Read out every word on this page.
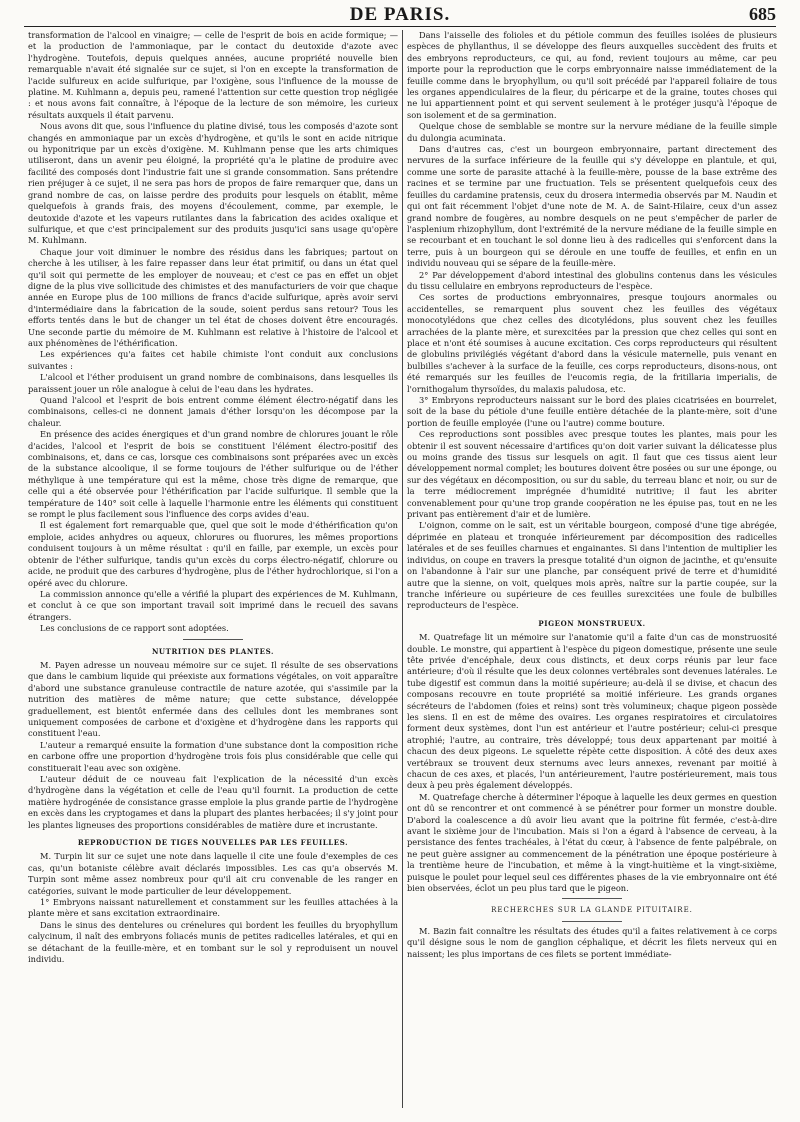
DE PARIS.	685

transformation de l'alcool en vinaigre; — celle de l'esprit de bois en acide formique; — et la production de l'ammoniaque, par le contact du deutoxide d'azote avec l'hydrogène. Toutefois, depuis quelques années, aucune propriété nouvelle bien remarquable n'avait été signalée sur ce sujet, si l'on en excepte la transformation de l'acide sulfureux en acide sulfurique, par l'oxigène, sous l'influence de la mousse de platine. M. Kuhlmann a, depuis peu, ramené l'attention sur cette question trop négligée : et nous avons fait connaître, à l'époque de la lecture de son mémoire, les curieux résultats auxquels il était parvenu.

Nous avons dit que, sous l'influence du platine divisé, tous les composés d'azote sont changés en ammoniaque par un excès d'hydrogène, et qu'ils le sont en acide nitrique ou hyponitrique par un excès d'oxigène. M. Kuhlmann pense que les arts chimiques utiliseront, dans un avenir peu éloigné, la propriété qu'a le platine de produire avec facilité des composés dont l'industrie fait une si grande consommation. Sans prétendre rien préjuger à ce sujet, il ne sera pas hors de propos de faire remarquer que, dans un grand nombre de cas, on laisse perdre des produits pour lesquels on établit, même quelquefois à grands frais, des moyens d'écoulement, comme, par exemple, le deutoxide d'azote et les vapeurs rutilantes dans la fabrication des acides oxalique et sulfurique, et que c'est principalement sur des produits jusqu'ici sans usage qu'opère M. Kuhlmann.

Chaque jour voit diminuer le nombre des résidus dans les fabriques; partout on cherche à les utiliser, à les faire repasser dans leur état primitif, ou dans un état quel qu'il soit qui permette de les employer de nouveau; et c'est ce pas en effet un objet digne de la plus vive sollicitude des chimistes et des manufacturiers de voir que chaque année en Europe plus de 100 millions de francs d'acide sulfurique, après avoir servi d'intermédiaire dans la fabrication de la soude, soient perdus sans retour? Tous les efforts tentés dans le but de changer un tel état de choses doivent être encouragés. Une seconde partie du mémoire de M. Kuhlmann est relative à l'histoire de l'alcool et aux phénomènes de l'éthérification.

Les expériences qu'a faites cet habile chimiste l'ont conduit aux conclusions suivantes :

L'alcool et l'éther produisent un grand nombre de combinaisons, dans lesquelles ils paraissent jouer un rôle analogue à celui de l'eau dans les hydrates.

Quand l'alcool et l'esprit de bois entrent comme élément électro-négatif dans les combinaisons, celles-ci ne donnent jamais d'éther lorsqu'on les décompose par la chaleur.

En présence des acides énergiques et d'un grand nombre de chlorures jouant le rôle d'acides, l'alcool et l'esprit de bois se constituent l'élément électro-positif des combinaisons, et, dans ce cas, lorsque ces combinaisons sont préparées avec un excès de la substance alcoolique, il se forme toujours de l'éther sulfurique ou de l'éther méthylique à une température qui est la même, chose très digne de remarque, que celle qui a été observée pour l'éthérification par l'acide sulfurique. Il semble que la température de 140° soit celle à laquelle l'harmonie entre les éléments qui constituent se rompt le plus facilement sous l'influence des corps avides d'eau.

Il est également fort remarquable que, quel que soit le mode d'éthérification qu'on emploie, acides anhydres ou aqueux, chlorures ou fluorures, les mêmes proportions conduisent toujours à un même résultat : qu'il en faille, par exemple, un excès pour obtenir de l'éther sulfurique, tandis qu'un excès du corps électro-négatif, chlorure ou acide, ne produit que des carbures d'hydrogène, plus de l'éther hydrochlorique, si l'on a opéré avec du chlorure.

La commission annonce qu'elle a vérifié la plupart des expériences de M. Kuhlmann, et conclut à ce que son important travail soit imprimé dans le recueil des savans étrangers.

Les conclusions de ce rapport sont adoptées.

NUTRITION DES PLANTES.

M. Payen adresse un nouveau mémoire sur ce sujet. Il résulte de ses observations que dans le cambium liquide qui préexiste aux formations végétales, on voit apparaître d'abord une substance granuleuse contractile de nature azotée, qui s'assimile par la nutrition des matières de même nature; que cette substance, développée graduellement, est bientôt enfermée dans des cellules dont les membranes sont uniquement composées de carbone et d'oxigène et d'hydrogène dans les rapports qui constituent l'eau.

L'auteur a remarqué ensuite la formation d'une substance dont la composition riche en carbone offre une proportion d'hydrogène trois fois plus considérable que celle qui constituerait l'eau avec son oxigène.

L'auteur déduit de ce nouveau fait l'explication de la nécessité d'un excès d'hydrogène dans la végétation et celle de l'eau qu'il fournit. La production de cette matière hydrogénée de consistance grasse emploie la plus grande partie de l'hydrogène en excès dans les cryptogames et dans la plupart des plantes herbacées; il s'y joint pour les plantes ligneuses des proportions considérables de matière dure et incrustante.

REPRODUCTION DE TIGES NOUVELLES PAR LES FEUILLES.

M. Turpin lit sur ce sujet une note dans laquelle il cite une foule d'exemples de ces cas, qu'un botaniste célèbre avait déclarés impossibles. Les cas qu'a observés M. Turpin sont même assez nombreux pour qu'il ait cru convenable de les ranger en catégories, suivant le mode particulier de leur développement.

1° Embryons naissant naturellement et constamment sur les feuilles attachées à la plante mère et sans excitation extraordinaire.

Dans le sinus des dentelures ou crénelures qui bordent les feuilles du bryophyllum calycinum, il naît des embryons foliacés munis de petites radicelles latérales, et qui en se détachant de la feuille-mère, et en tombant sur le sol y reproduisent un nouvel individu.

Dans l'aisselle des folioles et du pétiole commun des feuilles isolées de plusieurs espèces de phyllanthus, il se développe des fleurs auxquelles succèdent des fruits et des embryons reproducteurs, ce qui, au fond, revient toujours au même, car peu importe pour la reproduction que le corps embryonnaire naisse immédiatement de la feuille comme dans le bryophyllum, ou qu'il soit précédé par l'appareil foliaire de tous les organes appendiculaires de la fleur, du péricarpe et de la graine, toutes choses qui ne lui appartiennent point et qui servent seulement à le protéger jusqu'à l'époque de son isolement et de sa germination.

Quelque chose de semblable se montre sur la nervure médiane de la feuille simple du dulongia acuminata.

Dans d'autres cas, c'est un bourgeon embryonnaire, partant directement des nervures de la surface inférieure de la feuille qui s'y développe en plantule, et qui, comme une sorte de parasite attaché à la feuille-mère, pousse de la base extrême des racines et se termine par une fructuation. Tels se présentent quelquefois ceux des feuilles du cardamine pratensis, ceux du drosera intermedia observés par M. Naudin et qui ont fait récemment l'objet d'une note de M. A. de Saint-Hilaire, ceux d'un assez grand nombre de fougères, au nombre desquels on ne peut s'empêcher de parler de l'asplenium rhizophyllum, dont l'extrémité de la nervure médiane de la feuille simple en se recourbant et en touchant le sol donne lieu à des radicelles qui s'enforcent dans la terre, puis à un bourgeon qui se déroule en une touffe de feuilles, et enfin en un individu nouveau qui se sépare de la feuille-mère.

2° Par développement d'abord intestinal des globulins contenus dans les vésicules du tissu cellulaire en embryons reproducteurs de l'espèce.

Ces sortes de productions embryonnaires, presque toujours anormales ou accidentelles, se remarquent plus souvent chez les feuilles des végétaux monocotylédons que chez celles des dicotylédons, plus souvent chez les feuilles arrachées de la plante mère, et surexcitées par la pression que chez celles qui sont en place et n'ont été soumises à aucune excitation. Ces corps reproducteurs qui résultent de globulins privilégiés végétant d'abord dans la vésicule maternelle, puis venant en bulbilles s'achever à la surface de la feuille, ces corps reproducteurs, disons-nous, ont été remarqués sur les feuilles de l'eucomis regia, de la fritillaria imperialis, de l'ornithogalum thyrsoïdes, du malaxis paludosa, etc.

3° Embryons reproducteurs naissant sur le bord des plaies cicatrisées en bourrelet, soit de la base du pétiole d'une feuille entière détachée de la plante-mère, soit d'une portion de feuille employée (l'une ou l'autre) comme bouture.

Ces reproductions sont possibles avec presque toutes les plantes, mais pour les obtenir il est souvent nécessaire d'artifices qu'on doit varier suivant la délicatesse plus ou moins grande des tissus sur lesquels on agit. Il faut que ces tissus aient leur développement normal complet; les boutures doivent être posées ou sur une éponge, ou sur des végétaux en décomposition, ou sur du sable, du terreau blanc et noir, ou sur de la terre médiocrement imprégnée d'humidité nutritive; il faut les abriter convenablement pour qu'une trop grande coopération ne les épuise pas, tout en ne les privant pas entièrement d'air et de lumière.

L'oignon, comme on le sait, est un véritable bourgeon, composé d'une tige abrégée, déprimée en plateau et tronquée inférieurement par décomposition des radicelles latérales et de ses feuilles charnues et engainantes. Si dans l'intention de multiplier les individus, on coupe en travers la presque totalité d'un oignon de jacinthe, et qu'ensuite on l'abandonne à l'air sur une planche, par conséquent privé de terre et d'humidité autre que la sienne, on voit, quelques mois après, naître sur la partie coupée, sur la tranche inférieure ou supérieure de ces feuilles surexcitées une foule de bulbilles reproducteurs de l'espèce.

PIGEON MONSTRUEUX.

M. Quatrefage lit un mémoire sur l'anatomie qu'il a faite d'un cas de monstruosité double. Le monstre, qui appartient à l'espèce du pigeon domestique, présente une seule tête privée d'encéphale, deux cous distincts, et deux corps réunis par leur face antérieure; d'où il résulte que les deux colonnes vertébrales sont devenues latérales. Le tube digestif est commun dans la moitié supérieure; au-delà il se divise, et chacun des composans recouvre en toute propriété sa moitié inférieure. Les grands organes sécréteurs de l'abdomen (foies et reins) sont très volumineux; chaque pigeon possède les siens. Il en est de même des ovaires. Les organes respiratoires et circulatoires forment deux systèmes, dont l'un est antérieur et l'autre postérieur; celui-ci presque atrophié; l'autre, au contraire, très développé; tous deux appartenant par moitié à chacun des deux pigeons. Le squelette répète cette disposition. À côté des deux axes vertébraux se trouvent deux sternums avec leurs annexes, revenant par moitié à chacun de ces axes, et placés, l'un antérieurement, l'autre postérieurement, mais tous deux à peu près également développés.

M. Quatrefage cherche à déterminer l'époque à laquelle les deux germes en question ont dû se rencontrer et ont commencé à se pénétrer pour former un monstre double. D'abord la coalescence a dû avoir lieu avant que la poitrine fût fermée, c'est-à-dire avant le sixième jour de l'incubation. Mais si l'on a égard à l'absence de cerveau, à la persistance des fentes trachéales, à l'état du cœur, à l'absence de fente palpébrale, on ne peut guère assigner au commencement de la pénétration une époque postérieure à la trentième heure de l'incubation, et même à la vingt-huitième et la vingt-sixième, puisque le poulet pour lequel seul ces différentes phases de la vie embryonnaire ont été bien observées, éclot un peu plus tard que le pigeon.

RECHERCHES SUR LA GLANDE PITUITAIRE.

M. Bazin fait connaître les résultats des études qu'il a faites relativement à ce corps qu'il désigne sous le nom de ganglion céphalique, et décrit les filets nerveux qui en naissent; les plus importans de ces filets se portent immédiate-
